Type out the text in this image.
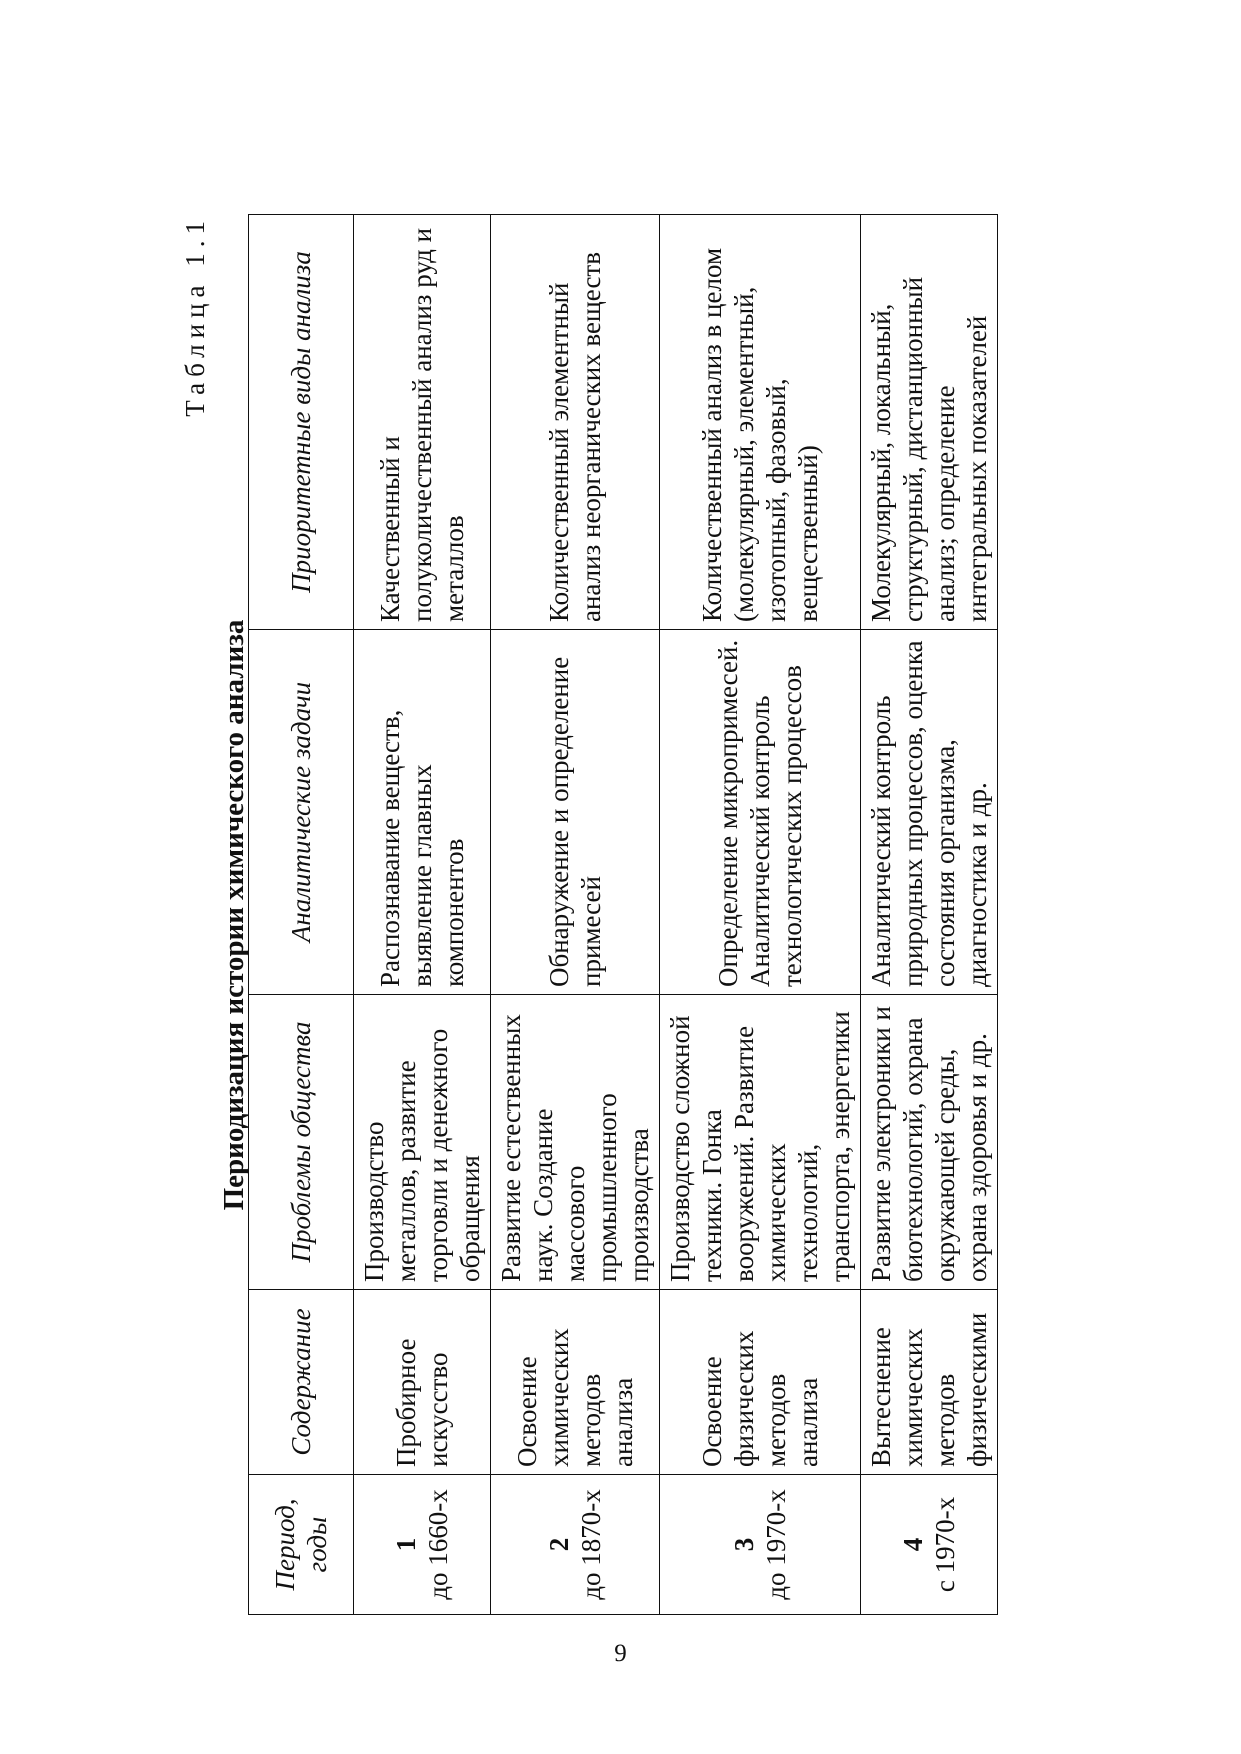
Таблица 1.1
Периодизация истории химического анализа
Период, годы	Содержание	Проблемы общества	Аналитические задачи	Приоритетные виды анализа

1 до 1660-х	Пробирное искусство	Производство металлов, развитие торговли и денежного обращения	Распознавание веществ, выявление главных компонентов	Качественный и полуколичественный анализ руд и металлов

2 до 1870-х	Освоение химических методов анализа	Развитие естественных наук. Создание массового промышленного производства	Обнаружение и определение примесей	Количественный элементный анализ неорганических веществ

3 до 1970-х	Освоение физических методов анализа	Производство сложной техники. Гонка вооружений. Развитие химических технологий, транспорта, энергетики	Определение микропримесей. Аналитический контроль технологических процессов	Количественный анализ в целом (молекулярный, элементный, изотопный, фазовый, вещественный)

4 с 1970-х	Вытеснение химических методов физическими	Развитие электроники и биотехнологий, охрана окружающей среды, охрана здоровья и др.	Аналитический контроль природных процессов, оценка состояния организма, диагностика и др.	Молекулярный, локальный, структурный, дистанционный анализ; определение интегральных показателей
9
